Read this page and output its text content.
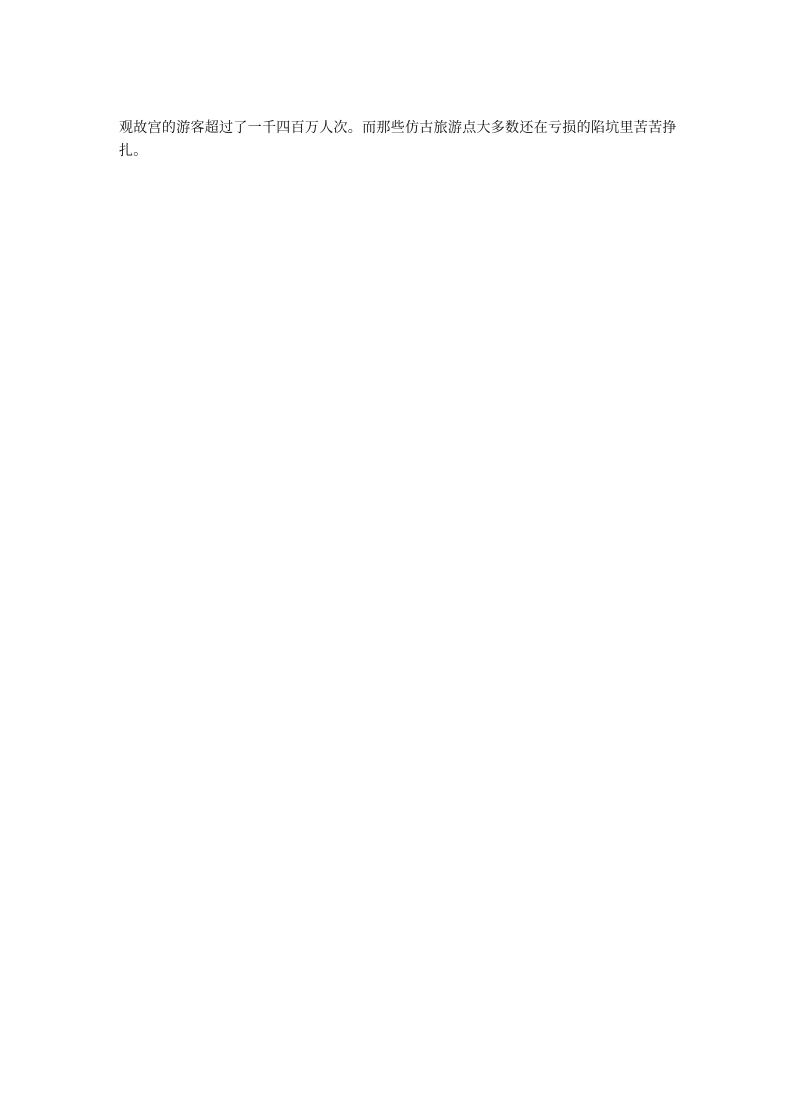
观故宫的游客超过了一千四百万人次。而那些仿古旅游点大多数还在亏损的陷坑里苦苦挣
扎。
